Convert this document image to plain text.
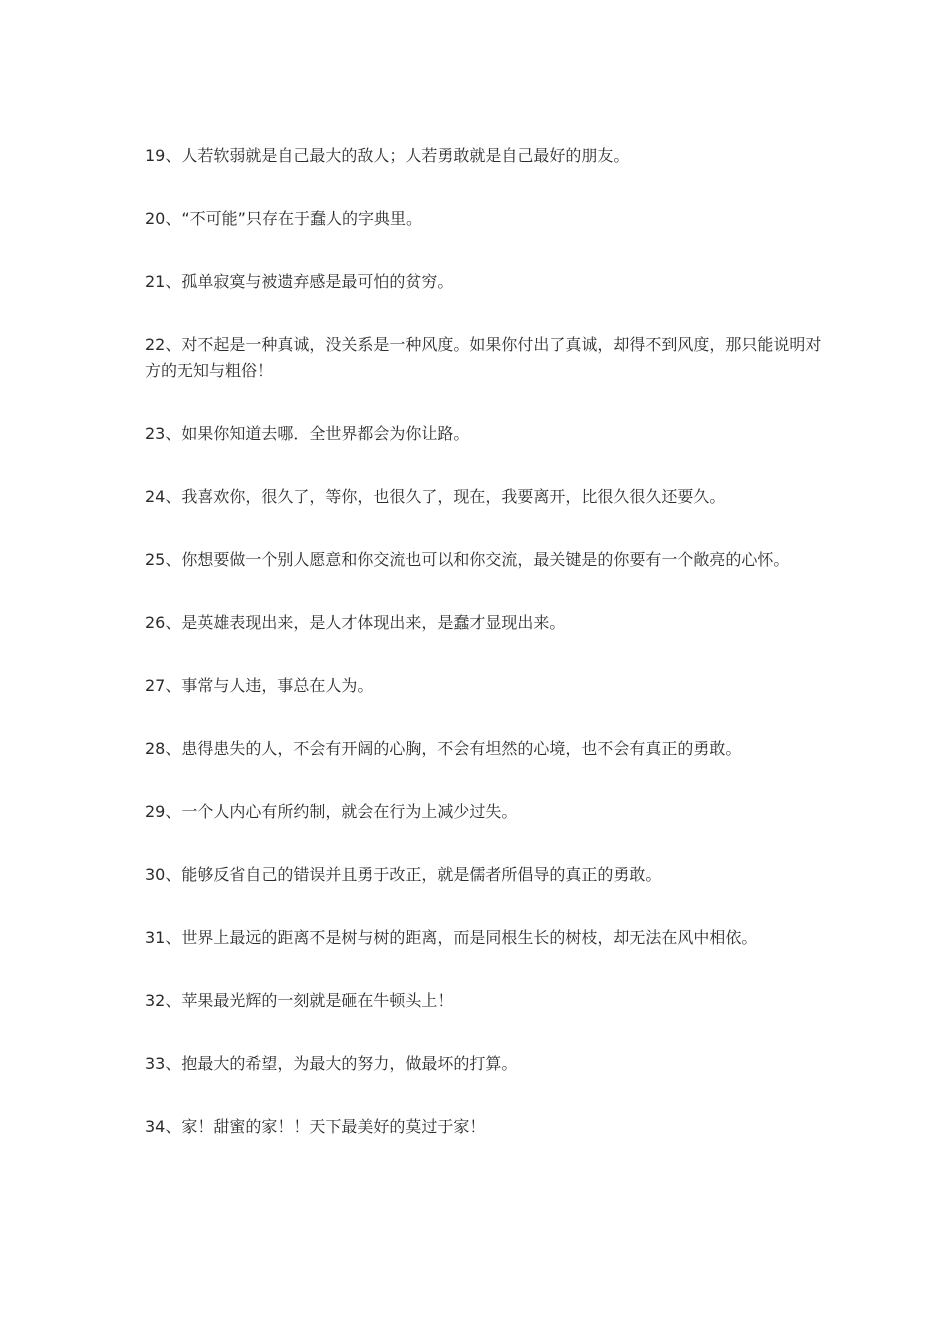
19、人若软弱就是自己最大的敌人；人若勇敢就是自己最好的朋友。
20、“不可能”只存在于蠢人的字典里。
21、孤单寂寞与被遗弃感是最可怕的贫穷。
22、对不起是一种真诚，没关系是一种风度。如果你付出了真诚，却得不到风度，那只能说明对方的无知与粗俗！
23、如果你知道去哪．全世界都会为你让路。
24、我喜欢你，很久了，等你，也很久了，现在，我要离开，比很久很久还要久。
25、你想要做一个别人愿意和你交流也可以和你交流，最关键是的你要有一个敞亮的心怀。
26、是英雄表现出来，是人才体现出来，是蠢才显现出来。
27、事常与人违，事总在人为。
28、患得患失的人，不会有开阔的心胸，不会有坦然的心境，也不会有真正的勇敢。
29、一个人内心有所约制，就会在行为上减少过失。
30、能够反省自己的错误并且勇于改正，就是儒者所倡导的真正的勇敢。
31、世界上最远的距离不是树与树的距离，而是同根生长的树枝，却无法在风中相依。
32、苹果最光辉的一刻就是砸在牛顿头上！
33、抱最大的希望，为最大的努力，做最坏的打算。
34、家！甜蜜的家！！天下最美好的莫过于家！
